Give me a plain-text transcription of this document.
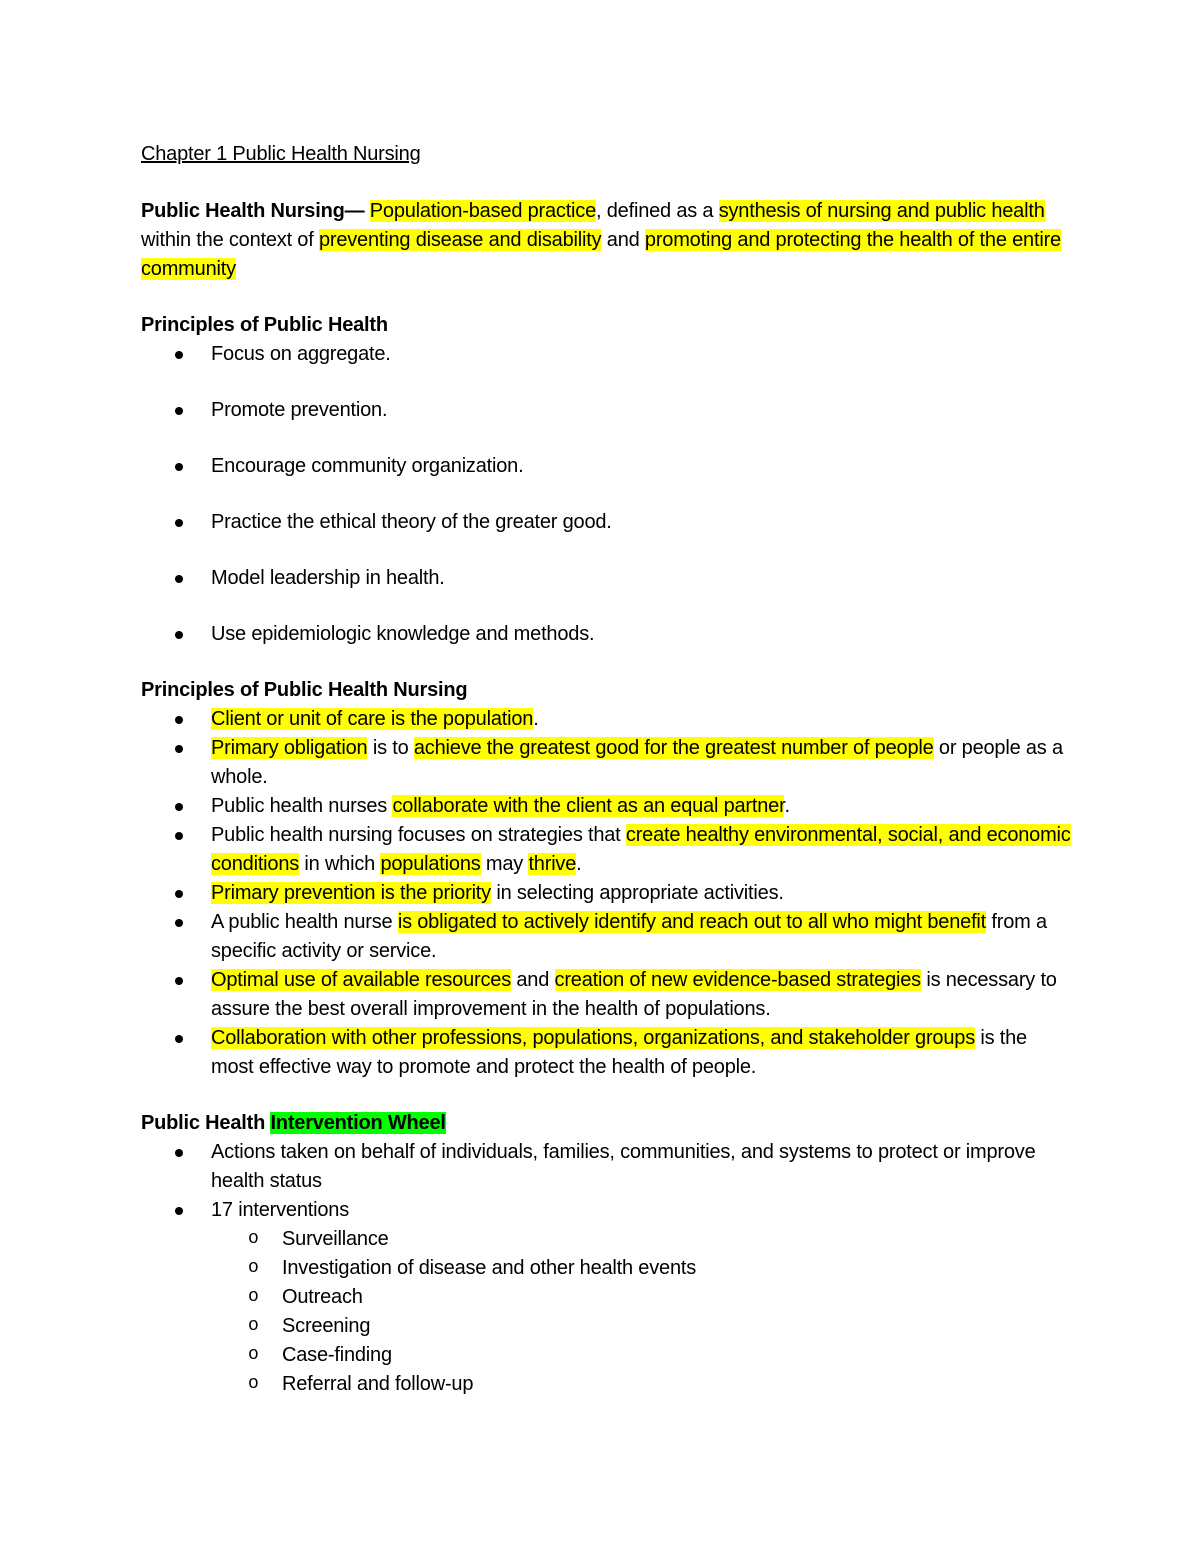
Chapter 1 Public Health Nursing
Public Health Nursing— Population-based practice, defined as a synthesis of nursing and public health within the context of preventing disease and disability and promoting and protecting the health of the entire community
Principles of Public Health
Focus on aggregate.
Promote prevention.
Encourage community organization.
Practice the ethical theory of the greater good.
Model leadership in health.
Use epidemiologic knowledge and methods.
Principles of Public Health Nursing
Client or unit of care is the population.
Primary obligation is to achieve the greatest good for the greatest number of people or people as a whole.
Public health nurses collaborate with the client as an equal partner.
Public health nursing focuses on strategies that create healthy environmental, social, and economic conditions in which populations may thrive.
Primary prevention is the priority in selecting appropriate activities.
A public health nurse is obligated to actively identify and reach out to all who might benefit from a specific activity or service.
Optimal use of available resources and creation of new evidence-based strategies is necessary to assure the best overall improvement in the health of populations.
Collaboration with other professions, populations, organizations, and stakeholder groups is the most effective way to promote and protect the health of people.
Public Health Intervention Wheel
Actions taken on behalf of individuals, families, communities, and systems to protect or improve health status
17 interventions
o Surveillance
o Investigation of disease and other health events
o Outreach
o Screening
o Case-finding
o Referral and follow-up
